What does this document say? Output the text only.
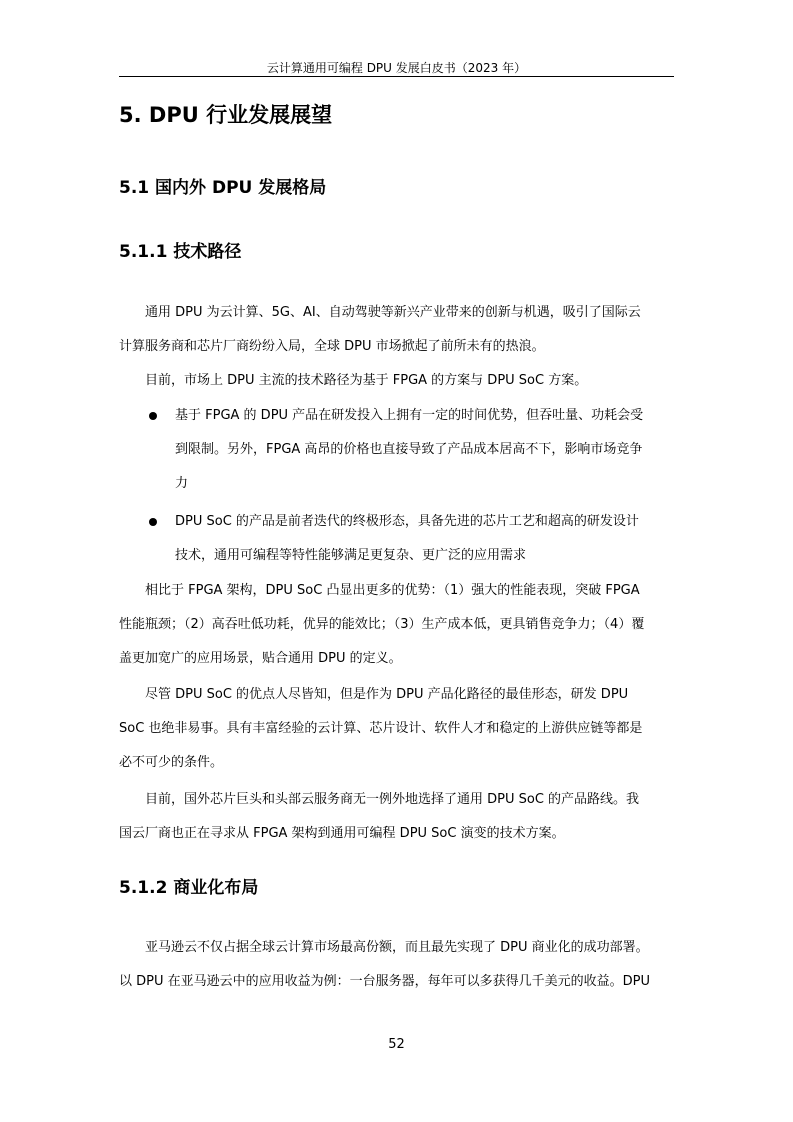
云计算通用可编程 DPU 发展白皮书（2023 年）
5. DPU 行业发展展望
5.1 国内外 DPU 发展格局
5.1.1 技术路径
通用 DPU 为云计算、5G、AI、自动驾驶等新兴产业带来的创新与机遇，吸引了国际云
计算服务商和芯片厂商纷纷入局，全球 DPU 市场掀起了前所未有的热浪。
目前，市场上 DPU 主流的技术路径为基于 FPGA 的方案与 DPU SoC 方案。
基于 FPGA 的 DPU 产品在研发投入上拥有一定的时间优势，但吞吐量、功耗会受
到限制。另外，FPGA 高昂的价格也直接导致了产品成本居高不下，影响市场竞争
力
DPU SoC 的产品是前者迭代的终极形态，具备先进的芯片工艺和超高的研发设计
技术，通用可编程等特性能够满足更复杂、更广泛的应用需求
相比于 FPGA 架构，DPU SoC 凸显出更多的优势：（1）强大的性能表现，突破 FPGA
性能瓶颈；（2）高吞吐低功耗，优异的能效比；（3）生产成本低，更具销售竞争力；（4）覆
盖更加宽广的应用场景，贴合通用 DPU 的定义。
尽管 DPU SoC 的优点人尽皆知，但是作为 DPU 产品化路径的最佳形态，研发 DPU
SoC 也绝非易事。具有丰富经验的云计算、芯片设计、软件人才和稳定的上游供应链等都是
必不可少的条件。
目前，国外芯片巨头和头部云服务商无一例外地选择了通用 DPU SoC 的产品路线。我
国云厂商也正在寻求从 FPGA 架构到通用可编程 DPU SoC 演变的技术方案。
5.1.2 商业化布局
亚马逊云不仅占据全球云计算市场最高份额，而且最先实现了 DPU 商业化的成功部署。
以 DPU 在亚马逊云中的应用收益为例：一台服务器，每年可以多获得几千美元的收益。DPU
52
